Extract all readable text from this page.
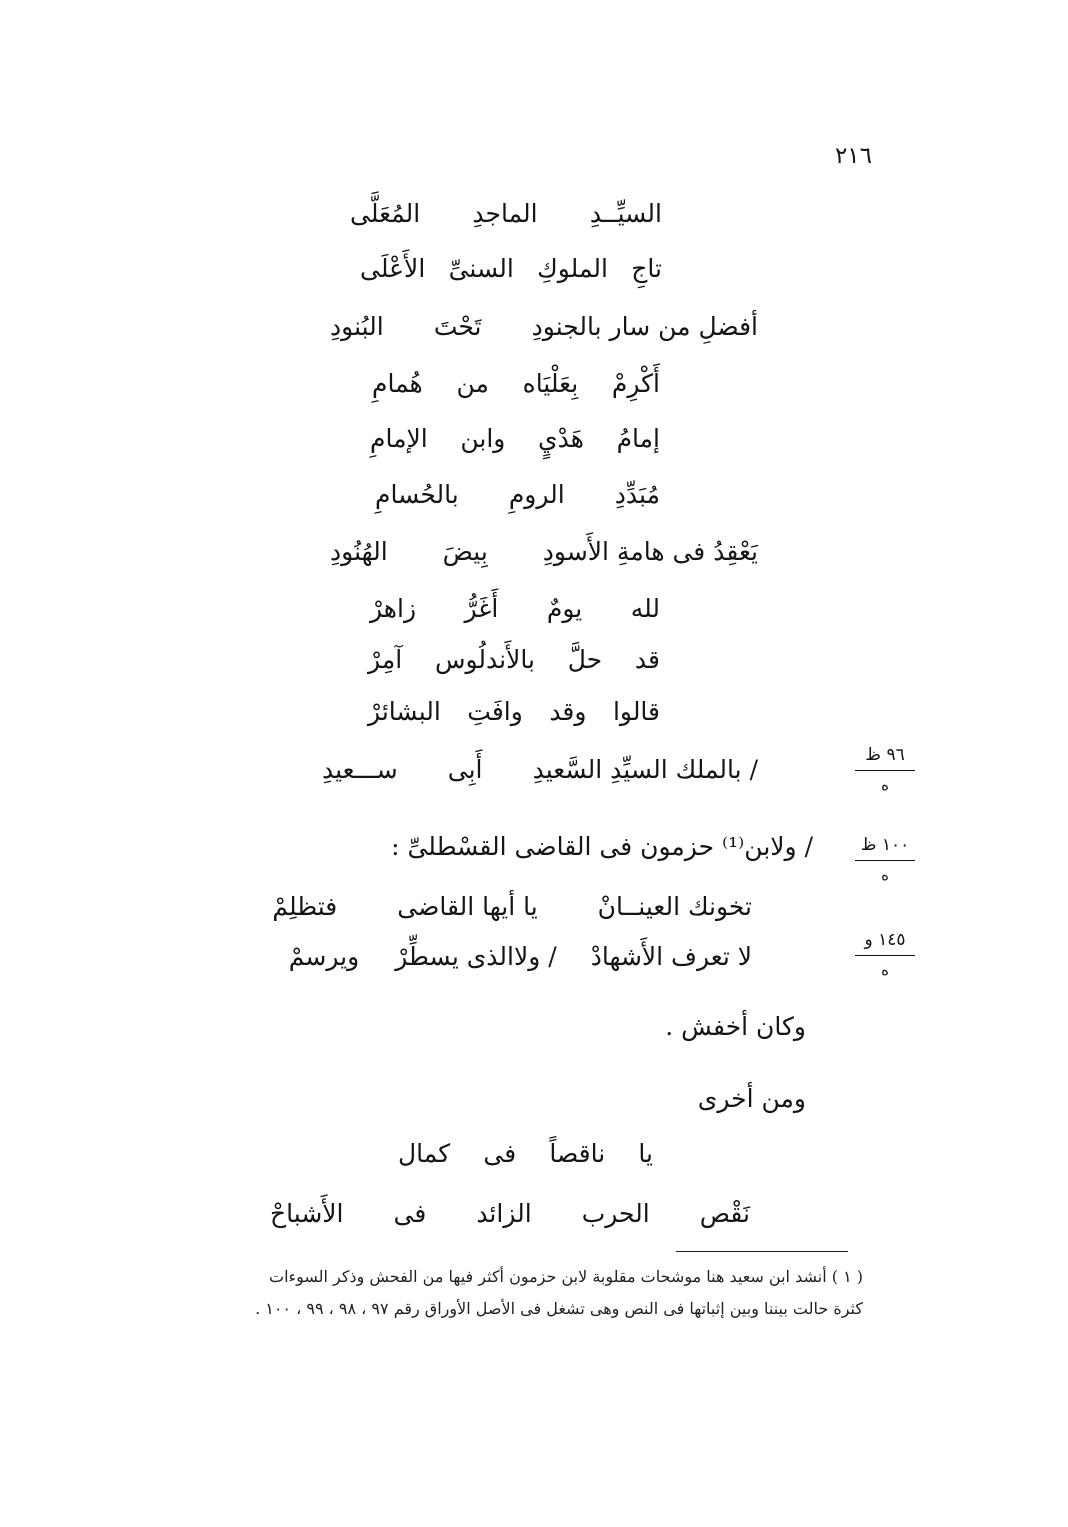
٢١٦
السيِّــدِ
الماجدِ
المُعَلَّى
تاجِ
الملوكِ
السنىِّ
الأَعْلَى
أفضلِ من سار بالجنودِ
تَحْتَ
البُنودِ
أَكْرِمْ
بِعَلْيَاه
من
هُمامِ
إمامُ
هَدْيٍ
وابن
الإمامِ
مُبَدِّدِ
الرومِ
بالحُسامِ
يَعْقِدُ فى هامةِ الأَسودِ
بِيضَ
الهُنُودِ
لله
يومٌ
أَغَرُّ
زاهرْ
قد
حلَّ
بالأَندلُوس
آمِرْ
قالوا
وقد
وافَتِ
البشائرْ
/ بالملك السيِّدِ السَّعيدِ
أَبِى
ســـعيدِ	٩٦ ظ
ه
/ ولابن⁽¹⁾ حزمون فى القاضى القسْطلىِّ :	١٠٠ ظ
ه
تخونك العينــانْ
يا أيها القاضى
فتظلِمْ
لا تعرف الأَشهادْ
/ ولاالذى يسطِّرْ
ويرسمْ
١٤٥ و
ه
وكان أخفش .
ومن أخرى
يا
ناقصاً
فى
كمال
نَقْص
الحرب
الزائد
فى
الأَشباحْ
( ١ ) أنشد ابن سعيد هنا موشحات مقلوبة لابن حزمون أكثر فيها من الفحش وذكر السوءات
كثرة حالت بيننا وبين إثباتها فى النص وهى تشغل فى الأصل الأوراق رقم ٩٧ ، ٩٨ ، ٩٩ ، ١٠٠ .
